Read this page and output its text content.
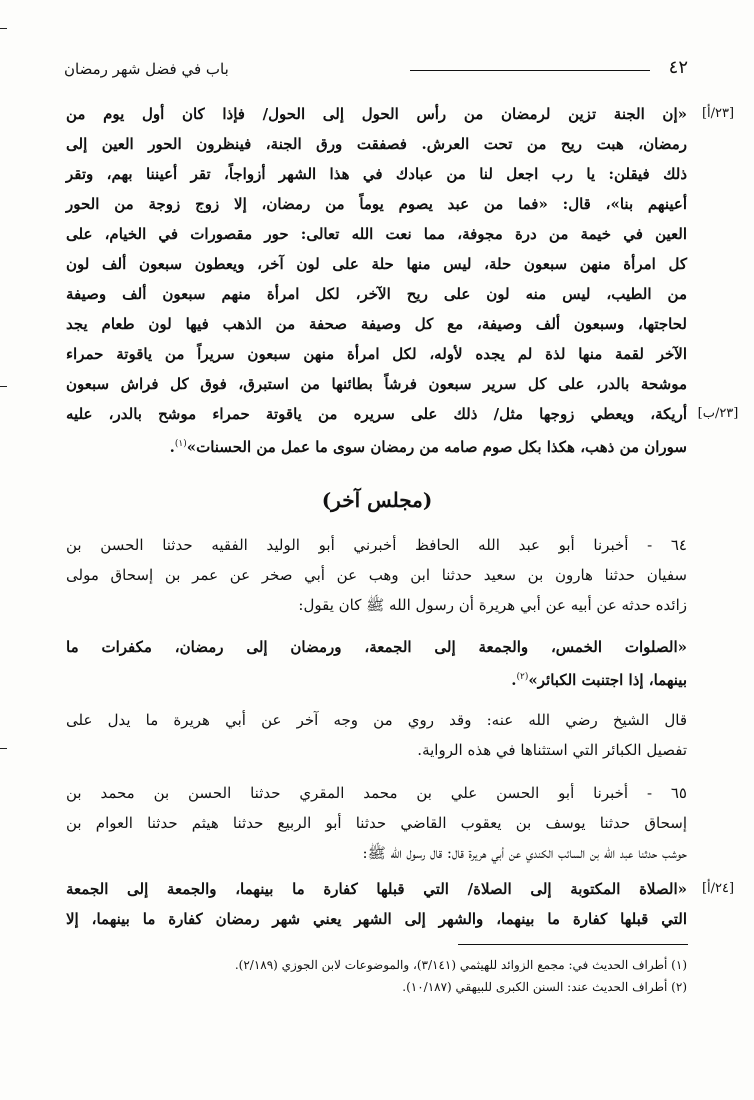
باب في فضل شهر رمضان	٤٢
[٢٣/أ]
«إن الجنة تزين لرمضان من رأس الحول إلى الحول/ فإذا كان أول يوم من
رمضان، هبت ريح من تحت العرش. فصفقت ورق الجنة، فينظرون الحور العين إلى
ذلك فيقلن: يا رب اجعل لنا من عبادك في هذا الشهر أزواجاً، تقر أعيننا بهم، وتقر
أعينهم بنا»، قال: «فما من عبد يصوم يوماً من رمضان، إلا زوج زوجة من الحور
العين في خيمة من درة مجوفة، مما نعت الله تعالى: حور مقصورات في الخيام، على
كل امرأة منهن سبعون حلة، ليس منها حلة على لون آخر، ويعطون سبعون ألف لون
من الطيب، ليس منه لون على ريح الآخر، لكل امرأة منهم سبعون ألف وصيفة
لحاجتها، وسبعون ألف وصيفة، مع كل وصيفة صحفة من الذهب فيها لون طعام يجد
الآخر لقمة منها لذة لم يجده لأوله، لكل امرأة منهن سبعون سريراً من ياقوتة حمراء
موشحة بالدر، على كل سرير سبعون فرشاً بطائنها من استبرق، فوق كل فراش سبعون
[٢٣/ب]
أريكة، ويعطي زوجها مثل/ ذلك على سريره من ياقوتة حمراء موشح بالدر، عليه
سوران من ذهب، هكذا بكل صوم صامه من رمضان سوى ما عمل من الحسنات»$^{(١)}$.
(مجلس آخر)
٦٤ - أخبرنا أبو عبد الله الحافظ أخبرني أبو الوليد الفقيه حدثنا الحسن بن
سفيان حدثنا هارون بن سعيد حدثنا ابن وهب عن أبي صخر عن عمر بن إسحاق مولى
زائده حدثه عن أبيه عن أبي هريرة أن رسول الله ﷺ كان يقول:
«الصلوات الخمس، والجمعة إلى الجمعة، ورمضان إلى رمضان، مكفرات ما
بينهما، إذا اجتنبت الكبائر»$^{(٢)}$.
قال الشيخ رضي الله عنه: وقد روي من وجه آخر عن أبي هريرة ما يدل على
تفصيل الكبائر التي استثناها في هذه الرواية.
٦٥ - أخبرنا أبو الحسن علي بن محمد المقري حدثنا الحسن بن محمد بن
إسحاق حدثنا يوسف بن يعقوب القاضي حدثنا أبو الربيع حدثنا هيثم حدثنا العوام بن
حوشب حدثنا عبد الله بن السائب الكندي عن أبي هريرة قال: قال رسول الله ﷺ:
[٢٤/أ]
«الصلاة المكتوبة إلى الصلاة/ التي قبلها كفارة ما بينهما، والجمعة إلى الجمعة
التي قبلها كفارة ما بينهما، والشهر إلى الشهر يعني شهر رمضان كفارة ما بينهما، إلا
(١) أطراف الحديث في: مجمع الزوائد للهيثمي (٣/١٤١)، والموضوعات لابن الجوزي (٢/١٨٩).
(٢) أطراف الحديث عند: السنن الكبرى للبيهقي (١٠/١٨٧).
